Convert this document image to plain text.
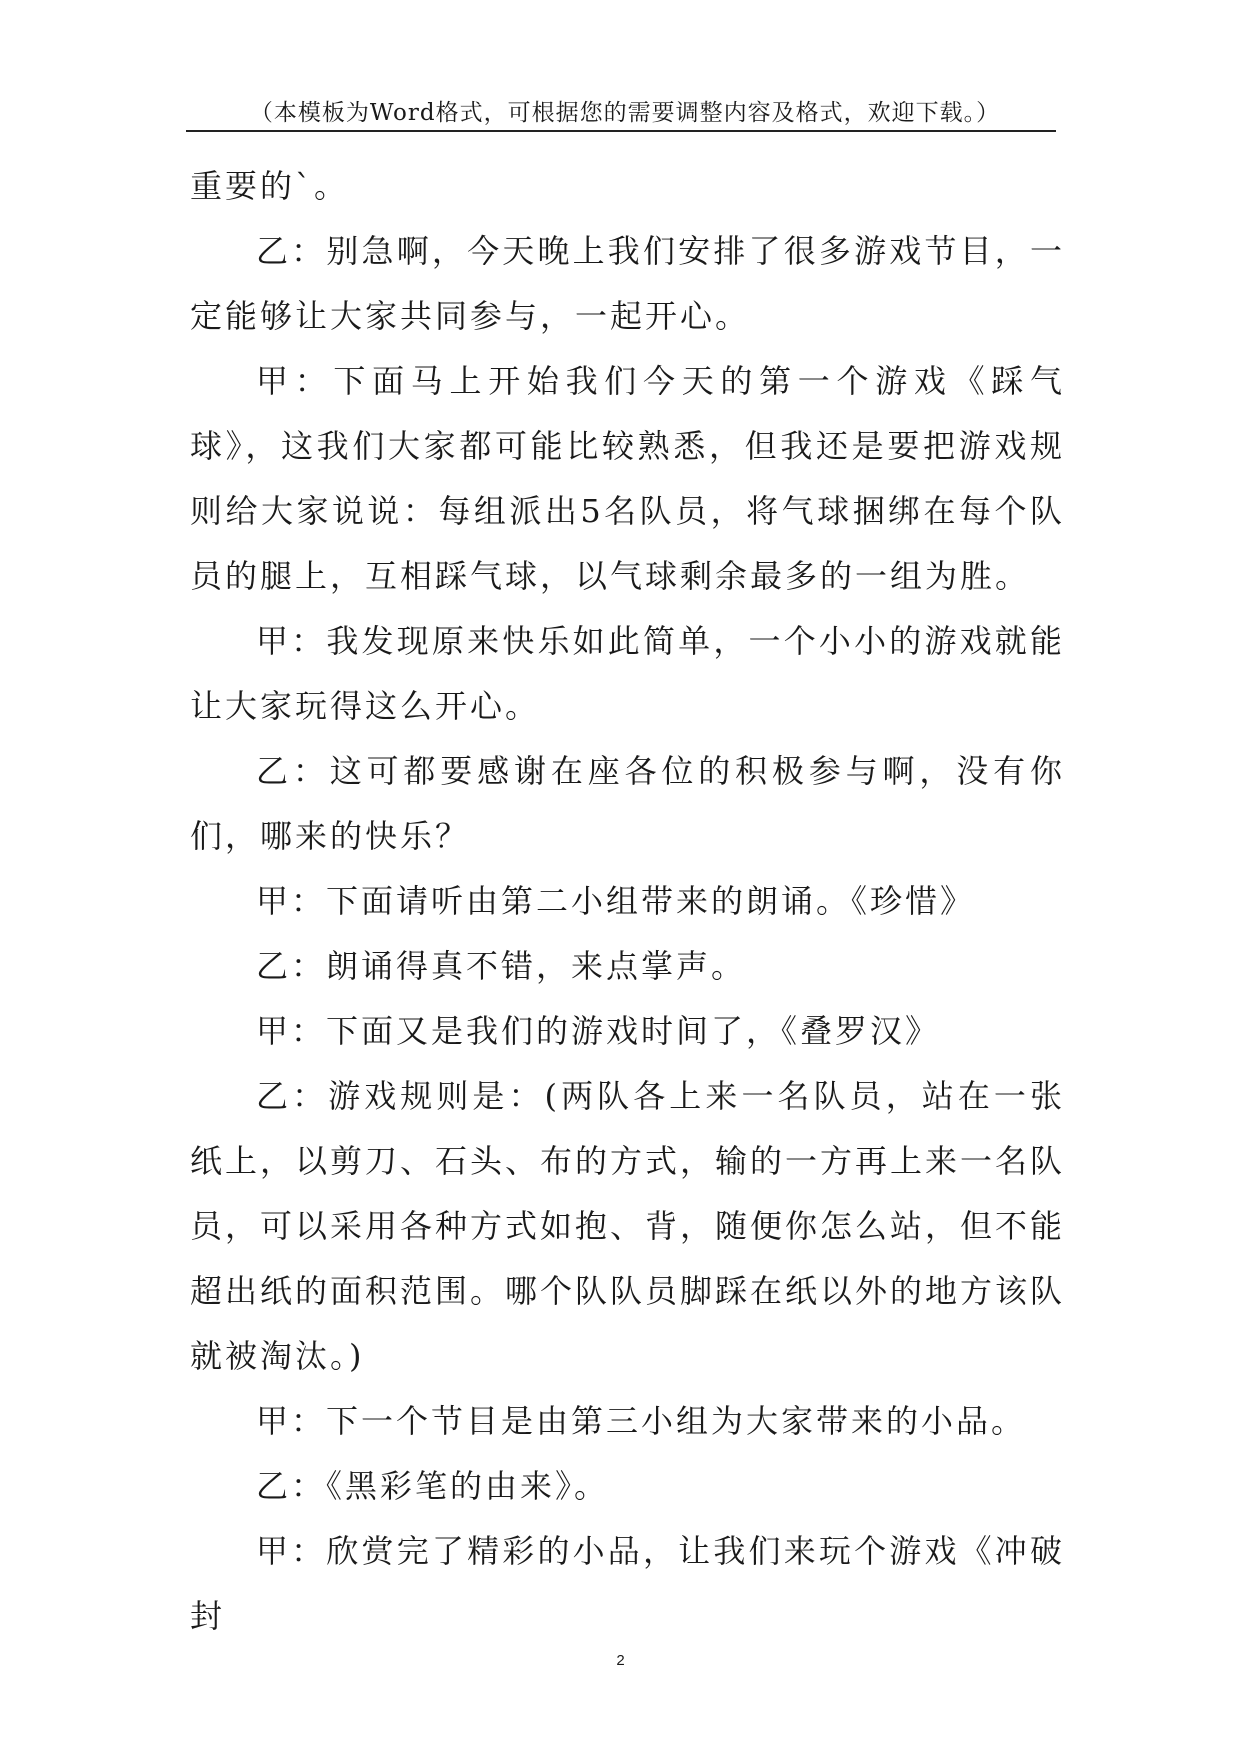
（本模板为Word格式，可根据您的需要调整内容及格式，欢迎下载。）

重要的`。

乙：别急啊，今天晚上我们安排了很多游戏节目，一定能够让大家共同参与，一起开心。

甲：下面马上开始我们今天的第一个游戏《踩气球》，这我们大家都可能比较熟悉，但我还是要把游戏规则给大家说说：每组派出5名队员，将气球捆绑在每个队员的腿上，互相踩气球，以气球剩余最多的一组为胜。

甲：我发现原来快乐如此简单，一个小小的游戏就能让大家玩得这么开心。

乙：这可都要感谢在座各位的积极参与啊，没有你们，哪来的快乐？

甲：下面请听由第二小组带来的朗诵。《珍惜》

乙：朗诵得真不错，来点掌声。

甲：下面又是我们的游戏时间了，《叠罗汉》

乙：游戏规则是：(两队各上来一名队员，站在一张纸上，以剪刀、石头、布的方式，输的一方再上来一名队员，可以采用各种方式如抱、背，随便你怎么站，但不能超出纸的面积范围。哪个队队员脚踩在纸以外的地方该队就被淘汰。)

甲：下一个节目是由第三小组为大家带来的小品。

乙：《黑彩笔的由来》。

甲：欣赏完了精彩的小品，让我们来玩个游戏《冲破封

2
